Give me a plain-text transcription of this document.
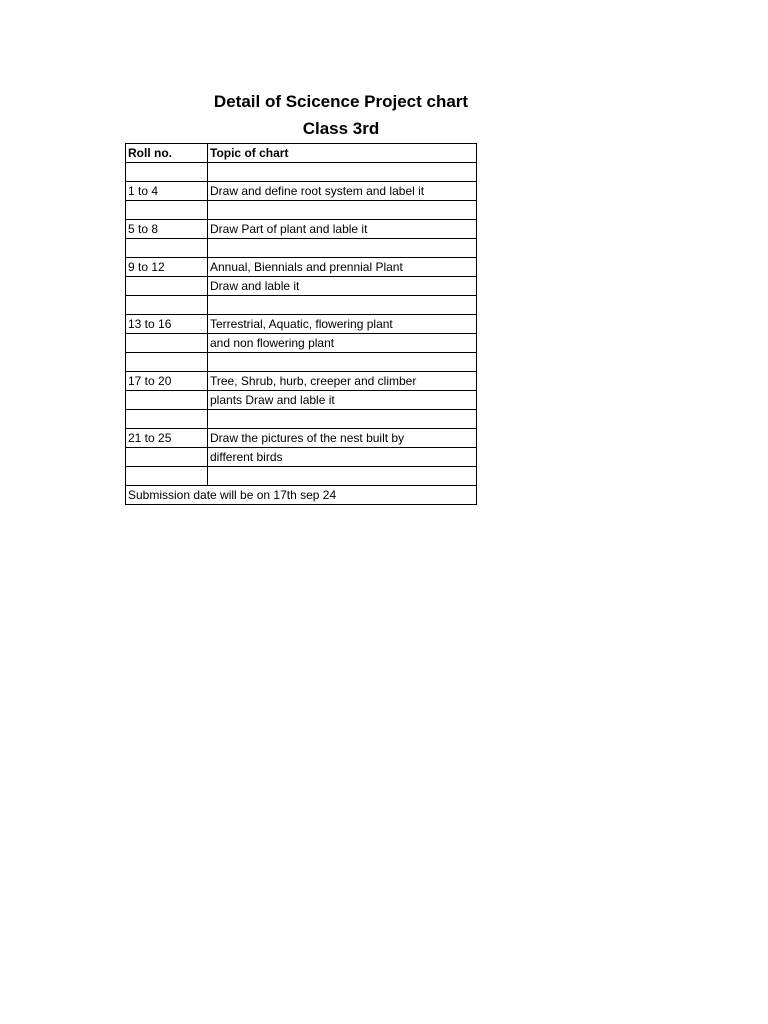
Detail of Scicence Project chart
Class 3rd
Roll no.	Topic of chart

1 to 4	Draw and define root system and label it

5 to 8	Draw Part of plant and lable it

9 to 12	Annual, Biennials and prennial Plant
	Draw and lable it

13 to 16	Terrestrial, Aquatic, flowering plant
	and non flowering plant

17 to 20	Tree, Shrub, hurb, creeper and climber
	plants Draw and lable it

21 to 25	Draw the pictures of the nest built by
	different birds

Submission date will be on 17th sep 24	
